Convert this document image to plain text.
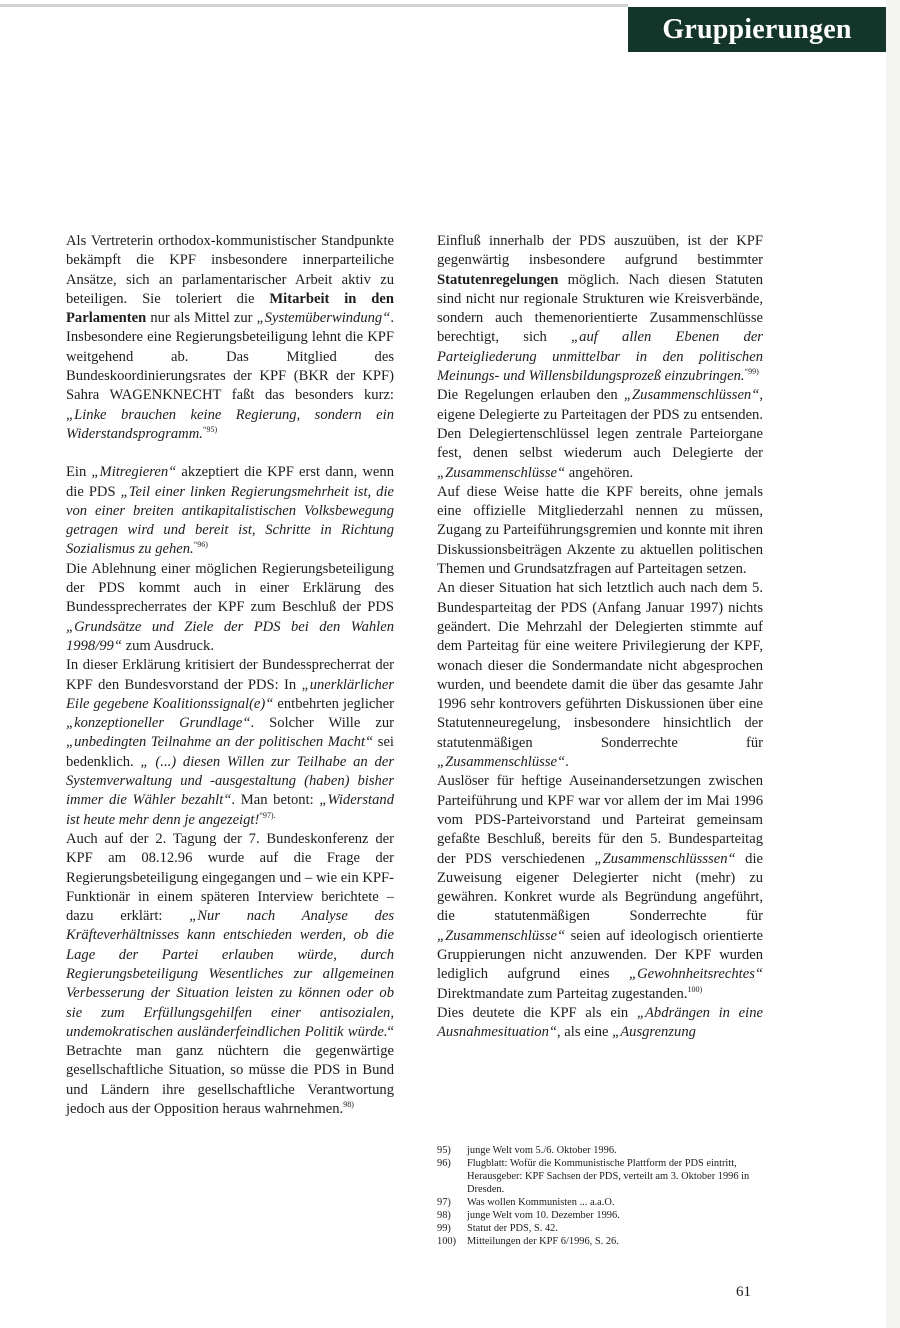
Gruppierungen

Als Vertreterin orthodox-kommunistischer Standpunkte bekämpft die KPF insbesondere innerparteiliche Ansätze, sich an parlamentarischer Arbeit aktiv zu beteiligen. Sie toleriert die Mitarbeit in den Parlamenten nur als Mittel zur „Systemüberwindung“. Insbesondere eine Regierungsbeteiligung lehnt die KPF weitgehend ab. Das Mitglied des Bundeskoordinierungsrates der KPF (BKR der KPF) Sahra WAGENKNECHT faßt das besonders kurz: „Linke brauchen keine Regierung, sondern ein Widerstandsprogramm.$^{“95)}$

Ein „Mitregieren“ akzeptiert die KPF erst dann, wenn die PDS „Teil einer linken Regierungsmehrheit ist, die von einer breiten antikapitalistischen Volksbewegung getragen wird und bereit ist, Schritte in Richtung Sozialismus zu gehen.$^{“96)}$

Die Ablehnung einer möglichen Regierungsbeteiligung der PDS kommt auch in einer Erklärung des Bundessprecherrates der KPF zum Beschluß der PDS „Grundsätze und Ziele der PDS bei den Wahlen 1998/99“ zum Ausdruck.

In dieser Erklärung kritisiert der Bundessprecherrat der KPF den Bundesvorstand der PDS: In „unerklärlicher Eile gegebene Koalitionssignal(e)“ entbehrten jeglicher „konzeptioneller Grundlage“. Solcher Wille zur „unbedingten Teilnahme an der politischen Macht“ sei bedenklich. „ (...) diesen Willen zur Teilhabe an der Systemverwaltung und -ausgestaltung (haben) bisher immer die Wähler bezahlt“. Man betont: „Widerstand ist heute mehr denn je angezeigt!$^{“97).}$

Auch auf der 2. Tagung der 7. Bundeskonferenz der KPF am 08.12.96 wurde auf die Frage der Regierungsbeteiligung eingegangen und – wie ein KPF-Funktionär in einem späteren Interview berichtete – dazu erklärt: „Nur nach Analyse des Kräfteverhältnisses kann entschieden werden, ob die Lage der Partei erlauben würde, durch Regierungsbeteiligung Wesentliches zur allgemeinen Verbesserung der Situation leisten zu können oder ob sie zum Erfüllungsgehilfen einer antisozialen, undemokratischen ausländerfeindlichen Politik würde.“ Betrachte man ganz nüchtern die gegenwärtige gesellschaftliche Situation, so müsse die PDS in Bund und Ländern ihre gesellschaftliche Verantwortung jedoch aus der Opposition heraus wahrnehmen.$^{98)}$

Einfluß innerhalb der PDS auszuüben, ist der KPF gegenwärtig insbesondere aufgrund bestimmter Statutenregelungen möglich. Nach diesen Statuten sind nicht nur regionale Strukturen wie Kreisverbände, sondern auch themenorientierte Zusammenschlüsse berechtigt, sich „auf allen Ebenen der Parteigliederung unmittelbar in den politischen Meinungs- und Willensbildungsprozeß einzubringen.$^{“99)}$

Die Regelungen erlauben den „Zusammenschlüssen“, eigene Delegierte zu Parteitagen der PDS zu entsenden. Den Delegiertenschlüssel legen zentrale Parteiorgane fest, denen selbst wiederum auch Delegierte der „Zusammenschlüsse“ angehören.

Auf diese Weise hatte die KPF bereits, ohne jemals eine offizielle Mitgliederzahl nennen zu müssen, Zugang zu Parteiführungsgremien und konnte mit ihren Diskussionsbeiträgen Akzente zu aktuellen politischen Themen und Grundsatzfragen auf Parteitagen setzen.

An dieser Situation hat sich letztlich auch nach dem 5. Bundesparteitag der PDS (Anfang Januar 1997) nichts geändert. Die Mehrzahl der Delegierten stimmte auf dem Parteitag für eine weitere Privilegierung der KPF, wonach dieser die Sondermandate nicht abgesprochen wurden, und beendete damit die über das gesamte Jahr 1996 sehr kontrovers geführten Diskussionen über eine Statutenneuregelung, insbesondere hinsichtlich der statutenmäßigen Sonderrechte für „Zusammenschlüsse“.

Auslöser für heftige Auseinandersetzungen zwischen Parteiführung und KPF war vor allem der im Mai 1996 vom PDS-Parteivorstand und Parteirat gemeinsam gefaßte Beschluß, bereits für den 5. Bundesparteitag der PDS verschiedenen „Zusammenschlüsssen“ die Zuweisung eigener Delegierter nicht (mehr) zu gewähren. Konkret wurde als Begründung angeführt, die statutenmäßigen Sonderrechte für „Zusammenschlüsse“ seien auf ideologisch orientierte Gruppierungen nicht anzuwenden. Der KPF wurden lediglich aufgrund eines „Gewohnheitsrechtes“ Direktmandate zum Parteitag zugestanden.$^{100)}$

Dies deutete die KPF als ein „Abdrängen in eine Ausnahmesituation“, als eine „Ausgrenzung

95)	junge Welt vom 5./6. Oktober 1996.
96)	Flugblatt: Wofür die Kommunistische Plattform der PDS eintritt, Herausgeber: KPF Sachsen der PDS, verteilt am 3. Oktober 1996 in Dresden.
97)	Was wollen Kommunisten ... a.a.O.
98)	junge Welt vom 10. Dezember 1996.
99)	Statut der PDS, S. 42.
100)	Mitteilungen der KPF 6/1996, S. 26.
61
